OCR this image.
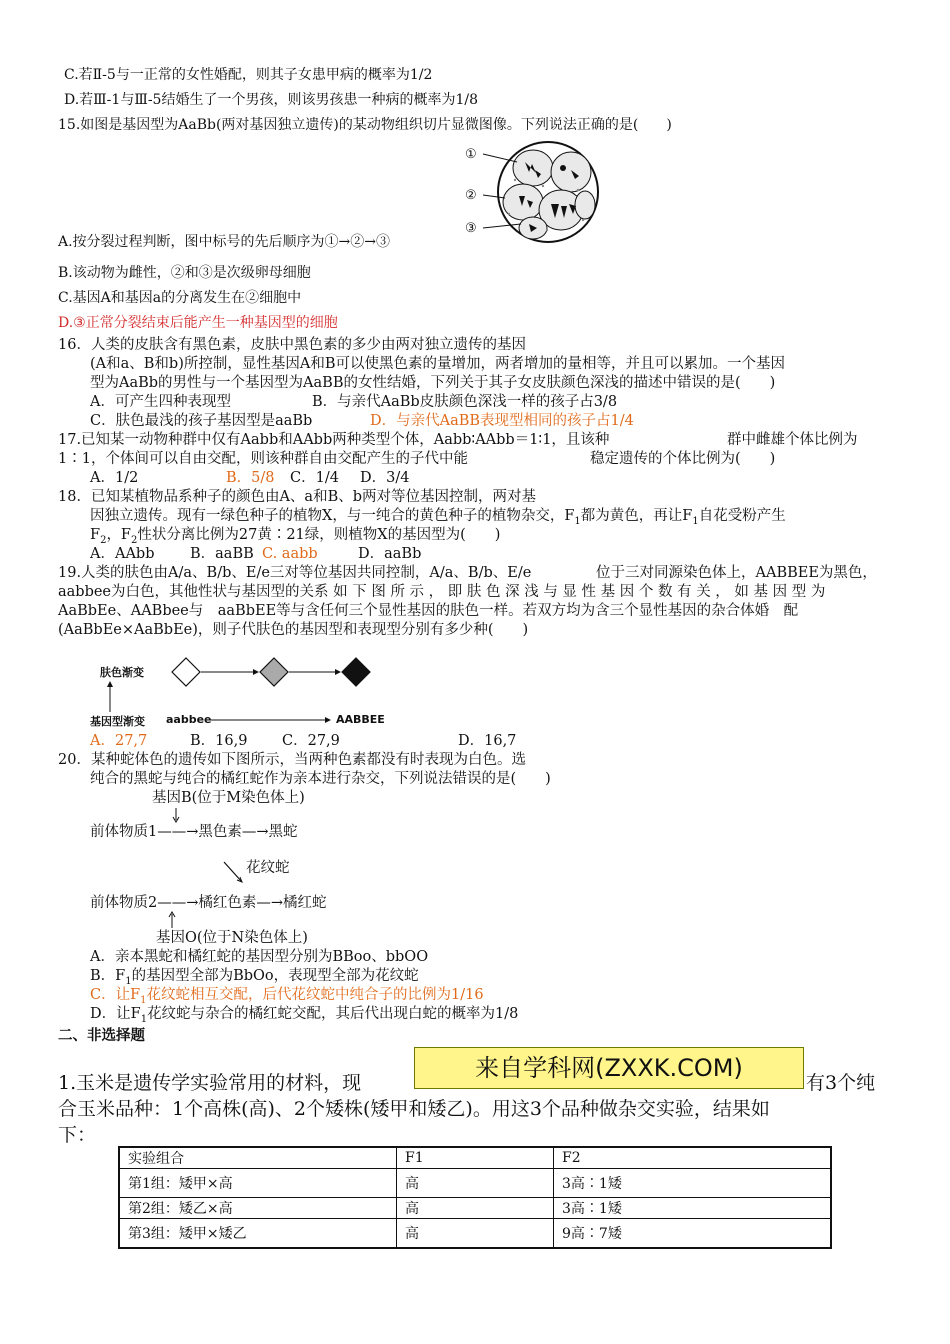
C.若Ⅱ-5与一正常的女性婚配，则其子女患甲病的概率为1/2
D.若Ⅲ-1与Ⅲ-5结婚生了一个男孩，则该男孩患一种病的概率为1/8
15.如图是基因型为AaBb(两对基因独立遗传)的某动物组织切片显微图像。下列说法正确的是(　　)
①
②
③
A.按分裂过程判断，图中标号的先后顺序为①→②→③
B.该动物为雌性，②和③是次级卵母细胞
C.基因A和基因a的分离发生在②细胞中
D.③正常分裂结束后能产生一种基因型的细胞
16．人类的皮肤含有黑色素，皮肤中黑色素的多少由两对独立遗传的基因
(A和a、B和b)所控制，显性基因A和B可以使黑色素的量增加，两者增加的量相等，并且可以累加。一个基因
型为AaBb的男性与一个基因型为AaBB的女性结婚，下列关于其子女皮肤颜色深浅的描述中错误的是(　　)
A．可产生四种表现型	B．与亲代AaBb皮肤颜色深浅一样的孩子占3/8
C．肤色最浅的孩子基因型是aaBb	D．与亲代AaBB表现型相同的孩子占1/4
17.已知某一动物种群中仅有Aabb和AAbb两种类型个体，Aabb∶AAbb＝1∶1，且该种	群中雌雄个体比例为
1∶1，个体间可以自由交配，则该种群自由交配产生的子代中能	稳定遗传的个体比例为(　　)
A．1/2	B．5/8 C．1/4 D．3/4
18．已知某植物品系种子的颜色由A、a和B、b两对等位基因控制，两对基
因独立遗传。现有一绿色种子的植物X，与一纯合的黄色种子的植物杂交，$F_1$都为黄色，再让$F_1$自花受粉产生
$F_2$，$F_2$性状分离比例为27黄∶21绿，则植物X的基因型为(　　)
A．AAbb B．aaBB C. aabb	D．aaBb
19.人类的肤色由A/a、B/b、E/e三对等位基因共同控制，A/a、B/b、E/e	位于三对同源染色体上，AABBEE为黑色，
aabbee为白色，其他性状与基因型的关系 如 下 图 所 示 ， 即 肤 色 深 浅 与 显 性 基 因 个 数 有 关 ， 如 基 因 型 为
AaBbEe、AABbee与　aaBbEE等与含任何三个显性基因的肤色一样。若双方均为含三个显性基因的杂合体婚　配
(AaBbEe×AaBbEe)，则子代肤色的基因型和表现型分别有多少种(　　)
肤色渐变
基因型渐变 aabbee	AABBEE
A．27,7	B．16,9 C．27,9	D．16,7
20．某种蛇体色的遗传如下图所示，当两种色素都没有时表现为白色。选
纯合的黑蛇与纯合的橘红蛇作为亲本进行杂交，下列说法错误的是(　　)
基因B(位于M染色体上)
前体物质1——→黑色素—→黑蛇
花纹蛇
前体物质2——→橘红色素—→橘红蛇
基因O(位于N染色体上)
A．亲本黑蛇和橘红蛇的基因型分别为BBoo、bbOO
B．$F_1$的基因型全部为BbOo，表现型全部为花纹蛇
C．让$F_1$花纹蛇相互交配，后代花纹蛇中纯合子的比例为1/16
D．让$F_1$花纹蛇与杂合的橘红蛇交配，其后代出现白蛇的概率为1/8
二、非选择题
1.玉米是遗传学实验常用的材料，现
来自学科网(ZXXK.COM)
有3个纯
合玉米品种：1个高株(高)、2个矮株(矮甲和矮乙)。用这3个品种做杂交实验，结果如
下：
实验组合	F1	F2
第1组：矮甲×高	高	3高∶1矮
第2组：矮乙×高	高	3高∶1矮
第3组：矮甲×矮乙	高	9高∶7矮
